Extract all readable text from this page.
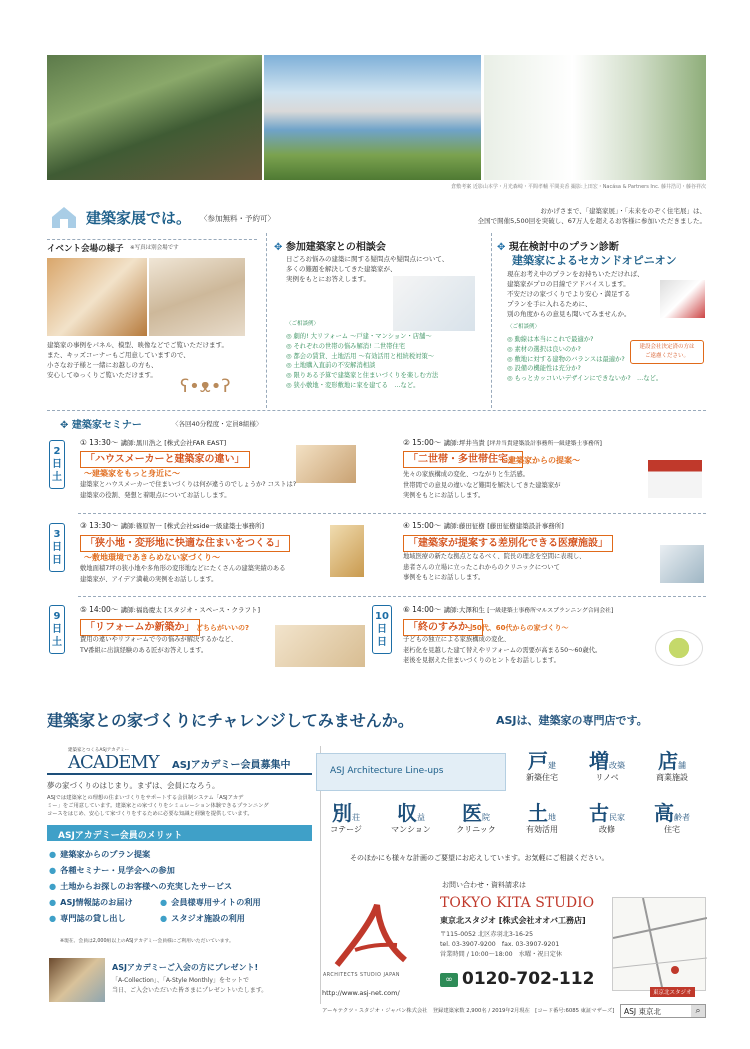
倉敷考案 近影山本学・月光森崎・平間孝輔 平間美香 撮影:上田宏・Nacása & Partners Inc. 藤井浩司・藤谷祥次
建築家展では。 〈参加無料・予約可〉
おかげさまで、「建築家展」・「未来をのぞく住宅展」は、
全国で開催5,500回を突破し、67万人を超えるお客様に参加いただきました。
イベント会場の様子 ※写真は別会場です
建築家の事例をパネル、模型、映像などでご覧いただけます。
また、キッズコーナーもご用意していますので、
小さなお子様と一緒にお越しの方も、
安心してゆっくりご覧いただけます。
ʕ•ᴥ•ʔ
✥ 参加建築家との相談会
日ごろお悩みの建築に関する疑問点や疑問点について、
多くの難題を解決してきた建築家が、
実例をもとにお答えします。
〈ご相談例〉
◎ 劇的! 大リフォーム ～戸建・マンション・店舗～
◎ それぞれの世帯の悩み解消! 二世帯住宅
◎ 都会の賃貸、土地活用 ～有効活用と相続税対策～
◎ 土地購入直前の不安解消相談
◎ 限りある予算で建築家と住まいづくりを楽しむ方法
◎ 狭小敷地・変形敷地に家を建てる　…など。
✥ 現在検討中のプラン診断
建築家によるセカンドオピニオン
現在お考え中のプランをお持ちいただければ、
建築家がプロの目線でアドバイスします。
不安だけの家づくりでより安心・満足する
プランを手に入れるために、
別の角度からの意見も聞いてみませんか。
〈ご相談例〉
◎ 動線は本当にこれで最適か?
◎ 素材の選択は良いのか?
◎ 敷地に対する建物のバランスは最適か?
◎ 設備の機能性は充分か?
◎ もっとカッコいいデザインにできないか?　…など。
建設会社決定済の方は
ご遠慮ください。
✥ 建築家セミナー	〈各回40分程度・定員8組様〉
2
日
土
3
日
日
9
日
土
10
日
日
① 13:30～ 講師:黒川浩之 [株式会社FAR EAST]
「ハウスメーカーと建築家の違い」
～建築家をもっと身近に～
建築家とハウスメーカーで住まいづくりは何が違うのでしょうか? コストは?
建築家の役割、発想と着眼点についてお話しします。
② 15:00～ 講師:坪井当貴 [坪井当貴建築設計事務所一級建築士事務所]
「二世帯・多世帯住宅」
～建築家からの提案～
先々の家族構成の変化、つながりと生活感。
世帯間での意見の違いなど難問を解決してきた建築家が
実例をもとにお話しします。
③ 13:30～ 講師:篠原智一 [株式会社sside一級建築士事務所]
「狭小地・変形地に快適な住まいをつくる」
～敷地環境であきらめない家づくり～
敷地面積7坪の狭小地や多角形の変形地などにたくさんの建築実績のある
建築家が、アイデア満載の実例をお話しします。
④ 15:00～ 講師:藤田征樹 [藤田征樹建築設計事務所]
「建築家が提案する差別化できる医療施設」
地域医療の新たな拠点となるべく、院長の理念を空間に表現し、
患者さんの立場に立ったこれからのクリニックについて
事例をもとにお話しします。
⑤ 14:00～ 講師:福島慶太 [スタジオ・スペース・クラフト]
「リフォームか新築か」 どちらがいいの?
費用の違いやリフォームで今の悩みが解決するかなど、
TV番組に出演経験のある匠がお答えします。
⑥ 14:00～ 講師:大澤和生 [一級建築士事務所マルスプランニング合同会社]
「終のすみか」
～50代、60代からの家づくり～
子どもの独立による家族構成の変化、
老朽化を見越した建て替えやリフォームの需要が高まる50～60歳代。
老後を見据えた住まいづくりのヒントをお話しします。
建築家との家づくりにチャレンジしてみませんか。	ASJは、建築家の専門店です。
建築家とつくるASJアカデミー
ACADEMY ASJアカデミー会員募集中
夢の家づくりのはじまり。まずは、会員になろう。
ASJでは建築家との理想の住まいづくりをサポートする会員制システム「ASJアカデ
ミー」をご用意しています。建築家との家づくりをシミュレーション体験できるプランニング
コースをはじめ、安心して家づくりをするために必要な知識と経験を提供しています。
ASJアカデミー会員のメリット
● 建築家からのプラン提案
● 各種セミナー・見学会への参加
● 土地からお探しのお客様への充実したサービス
● ASJ情報誌のお届け	● 会員様専用サイトの利用
● 専門誌の貸し出し	● スタジオ施設の利用
※現在、会員は2,000組以上のASJアカデミー会員様にご利用いただいています。
ASJアカデミーご入会の方にプレゼント!
「A-Collection」、「A-Style Monthly」をセットで
当日、ご入会いただいた皆さまにプレゼントいたします。
ASJ Architecture Line-ups	戸建
新築住宅
増改築
リノベ
店舗
商業施設
別荘
コテージ
収益
マンション
医院
クリニック
土地
有効活用
古民家
改修
高齢者
住宅
そのほかにも様々な計画のご要望にお応えしています。お気軽にご相談ください。
お問い合わせ・資料請求は
ARCHITECTS STUDIO JAPAN
http://www.asj-net.com/
TOKYO KITA STUDIO
東京北スタジオ [株式会社オオバ工務店]
〒115-0052 北区赤羽北3-16-25
tel. 03-3907-9200　fax. 03-3907-9201
営業時間 / 10:00～18:00　水曜・祝日定休
∞ 0120-702-112
東京北スタジオ
ASJ 東京北	⌕
アーキテクツ・スタジオ・ジャパン株式会社　登録建築家数 2,900名 / 2019年2月現在　[コード番号:6085 東証マザーズ]
